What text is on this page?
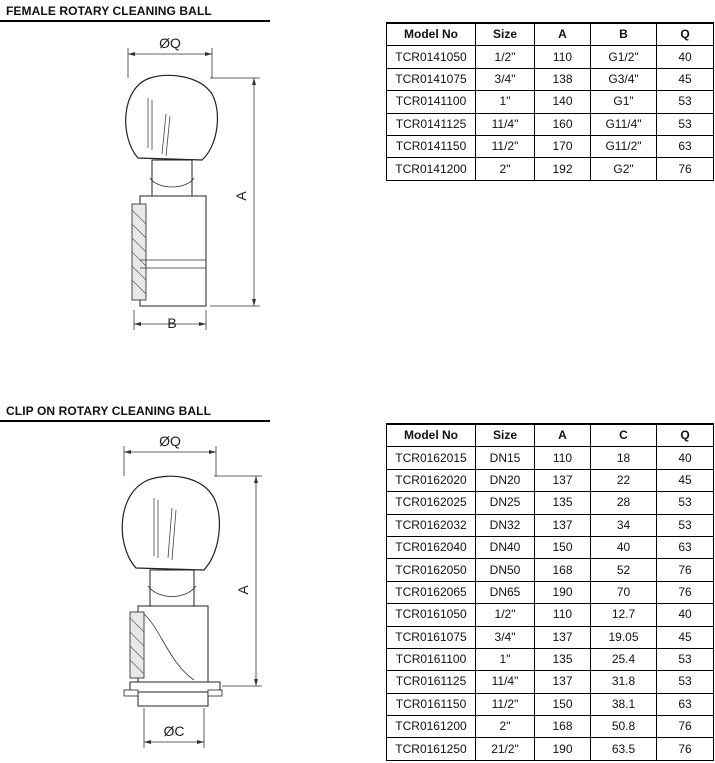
FEMALE ROTARY CLEANING BALL
ØQ
A
B
Model No	Size	A	B	Q
TCR0141050	1/2"	110	G1/2"	40
TCR0141075	3/4"	138	G3/4"	45
TCR0141100	1"	140	G1"	53
TCR0141125	11/4"	160	G11/4"	53
TCR0141150	11/2"	170	G11/2"	63
TCR0141200	2"	192	G2"	76
CLIP ON ROTARY CLEANING BALL
ØQ
A
ØC
Model No	Size	A	C	Q
TCR0162015	DN15	110	18	40
TCR0162020	DN20	137	22	45
TCR0162025	DN25	135	28	53
TCR0162032	DN32	137	34	53
TCR0162040	DN40	150	40	63
TCR0162050	DN50	168	52	76
TCR0162065	DN65	190	70	76
TCR0161050	1/2"	110	12.7	40
TCR0161075	3/4"	137	19.05	45
TCR0161100	1"	135	25.4	53
TCR0161125	11/4"	137	31.8	53
TCR0161150	11/2"	150	38.1	63
TCR0161200	2"	168	50.8	76
TCR0161250	21/2"	190	63.5	76
